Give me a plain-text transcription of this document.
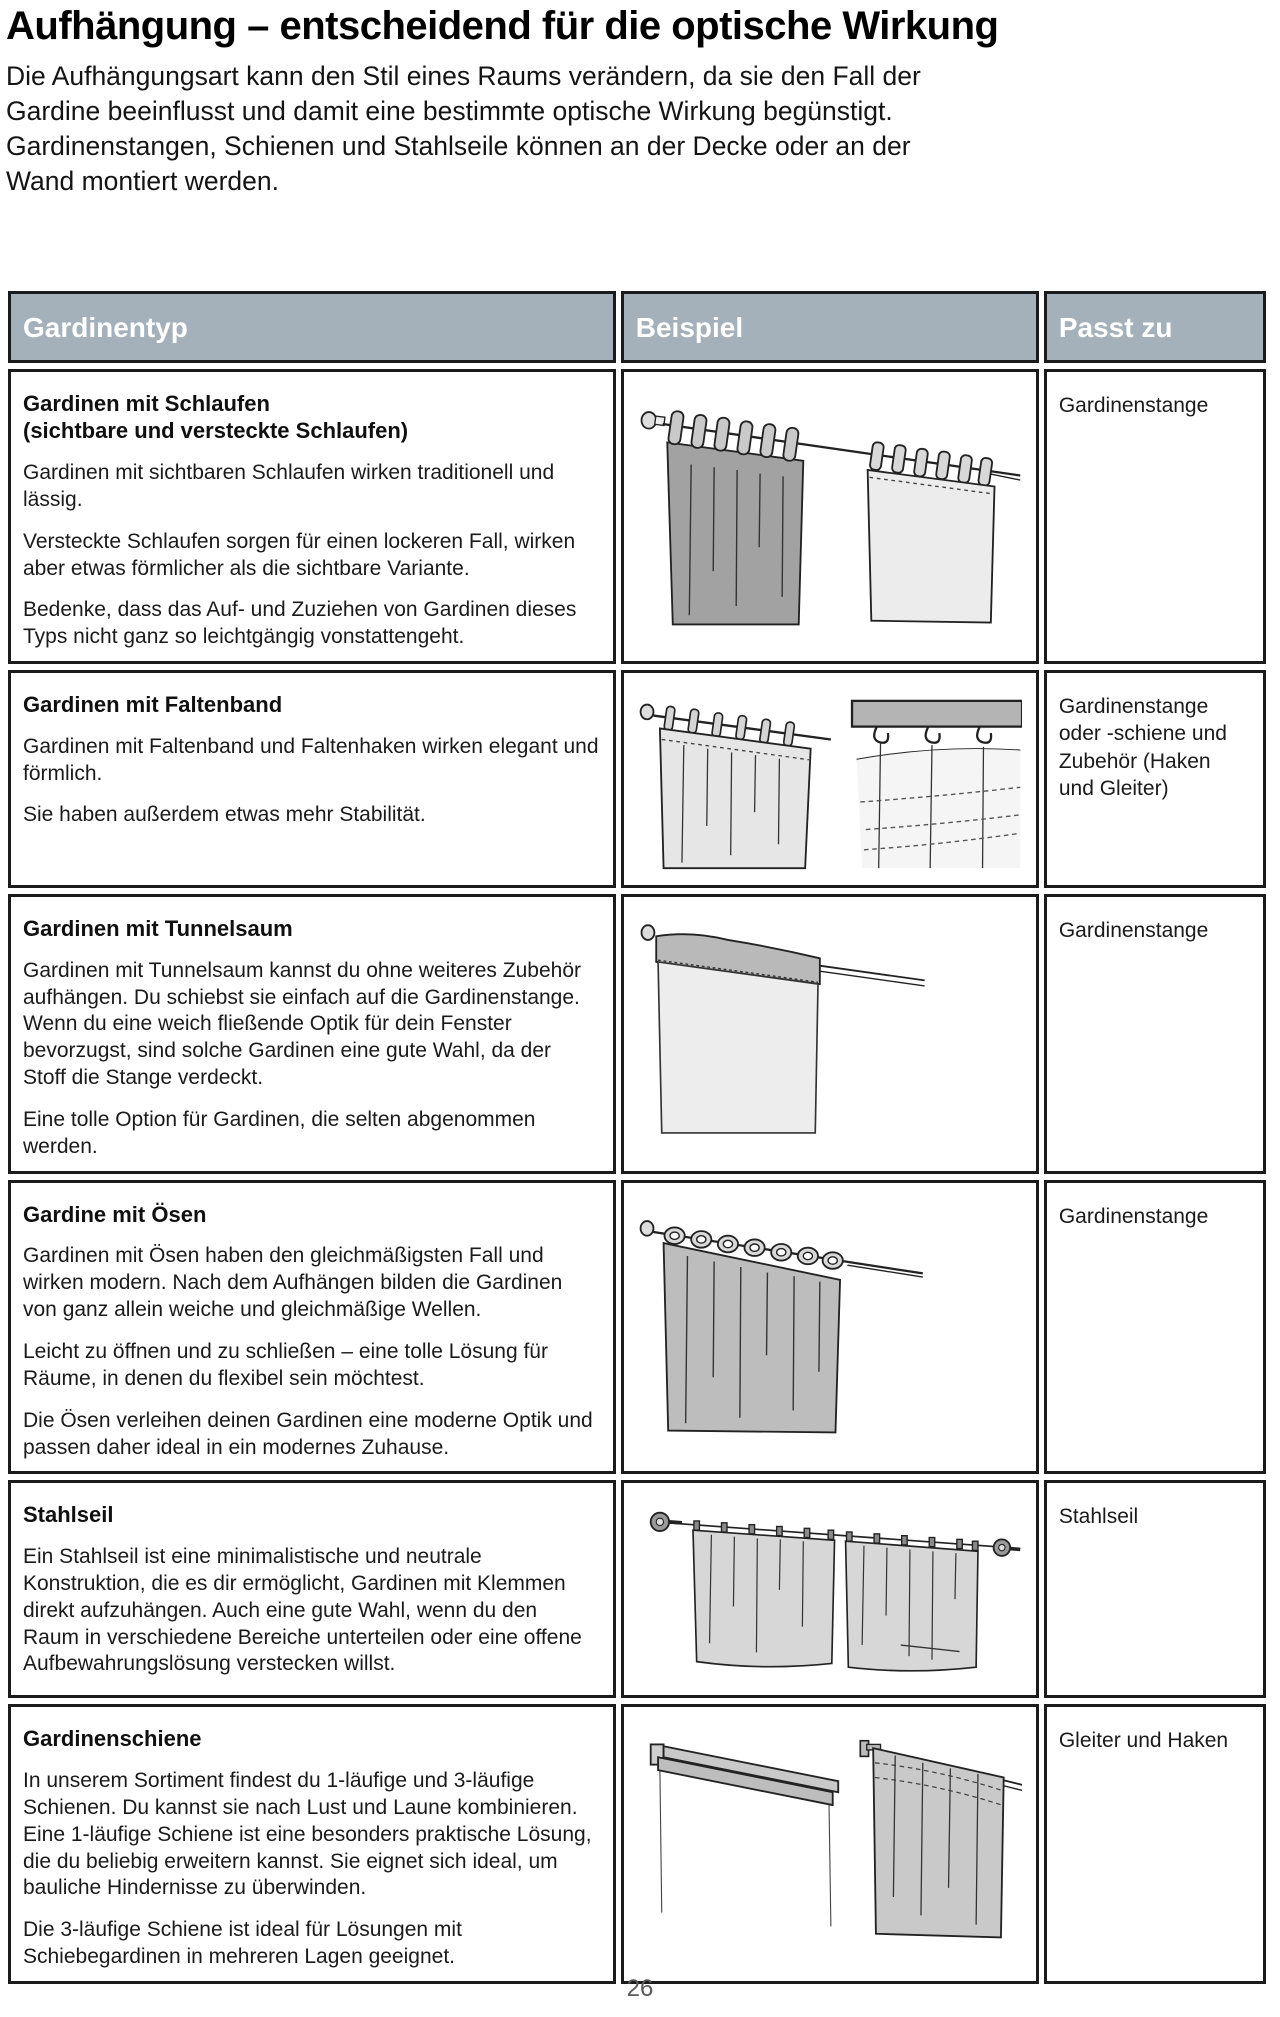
Aufhängung – entscheidend für die optische Wirkung
Die Aufhängungsart kann den Stil eines Raums verändern, da sie den Fall der Gardine beeinflusst und damit eine bestimmte optische Wirkung begünstigt. Gardinenstangen, Schienen und Stahlseile können an der Decke oder an der Wand montiert werden.
Gardinentyp	Beispiel	Passt zu

Gardinen mit Schlaufen
(sichtbare und versteckte Schlaufen)

Gardinen mit sichtbaren Schlaufen wirken traditionell und lässig.

Versteckte Schlaufen sorgen für einen lockeren Fall, wirken aber etwas förmlicher als die sichtbare Variante.

Bedenke, dass das Auf- und Zuziehen von Gardinen dieses Typs nicht ganz so leichtgängig vonstattengeht.		Gardinenstange

Gardinen mit Faltenband

Gardinen mit Faltenband und Faltenhaken wirken elegant und förmlich.

Sie haben außerdem etwas mehr Stabilität.		Gardinenstange oder -schiene und Zubehör (Haken und Gleiter)

Gardinen mit Tunnelsaum

Gardinen mit Tunnelsaum kannst du ohne weiteres Zubehör aufhängen. Du schiebst sie einfach auf die Gardinenstange. Wenn du eine weich fließende Optik für dein Fenster bevorzugst, sind solche Gardinen eine gute Wahl, da der Stoff die Stange verdeckt.

Eine tolle Option für Gardinen, die selten abgenommen werden.		Gardinenstange

Gardine mit Ösen

Gardinen mit Ösen haben den gleichmäßigsten Fall und wirken modern. Nach dem Aufhängen bilden die Gardinen von ganz allein weiche und gleichmäßige Wellen.

Leicht zu öffnen und zu schließen – eine tolle Lösung für Räume, in denen du flexibel sein möchtest.

Die Ösen verleihen deinen Gardinen eine moderne Optik und passen daher ideal in ein modernes Zuhause.		Gardinenstange

Stahlseil

Ein Stahlseil ist eine minimalistische und neutrale Konstruktion, die es dir ermöglicht, Gardinen mit Klemmen direkt aufzuhängen. Auch eine gute Wahl, wenn du den Raum in verschiedene Bereiche unterteilen oder eine offene Aufbewahrungslösung verstecken willst.		Stahlseil

Gardinenschiene

In unserem Sortiment findest du 1-läufige und 3-läufige Schienen. Du kannst sie nach Lust und Laune kombinieren. Eine 1-läufige Schiene ist eine besonders praktische Lösung, die du beliebig erweitern kannst. Sie eignet sich ideal, um bauliche Hindernisse zu überwinden.

Die 3-läufige Schiene ist ideal für Lösungen mit Schiebegardinen in mehreren Lagen geeignet.		Gleiter und Haken
26
